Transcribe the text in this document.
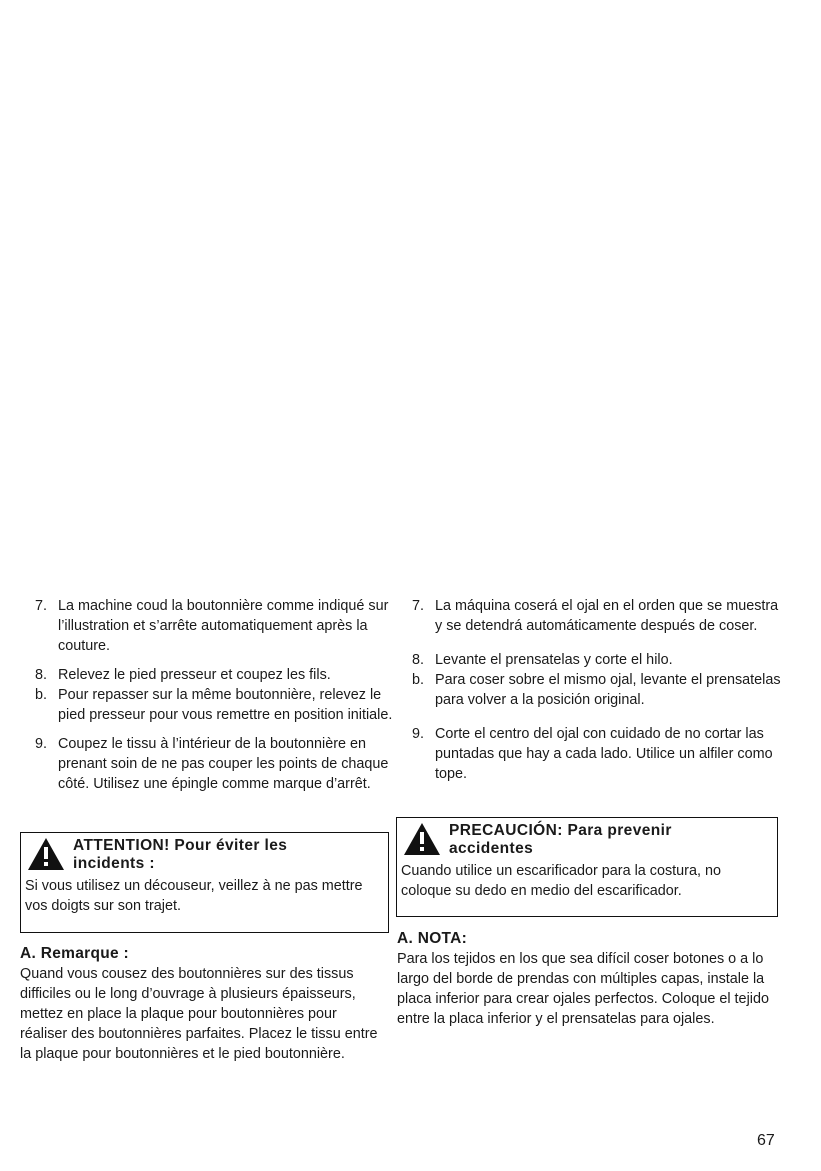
7. La machine coud la boutonnière comme indiqué sur l’illustration et s’arrête automatiquement après la couture.
8. Relevez le pied presseur et coupez les fils.
b. Pour repasser sur la même boutonnière, relevez le pied presseur pour vous remettre en position initiale.
9. Coupez le tissu à l’intérieur de la boutonnière en prenant soin de ne pas couper les points de chaque côté. Utilisez une épingle comme marque d’arrêt.
ATTENTION! Pour éviter les
incidents :
Si vous utilisez un découseur, veillez à ne pas mettre vos doigts sur son trajet.
A. Remarque :
Quand vous cousez des boutonnières sur des tissus difficiles ou le long d’ouvrage à plusieurs épaisseurs, mettez en place la plaque pour boutonnières pour réaliser des boutonnières parfaites. Placez le tissu entre la plaque pour boutonnières et le pied boutonnière.
7. La máquina coserá el ojal en el orden que se muestra y se detendrá automáticamente después de coser.
8. Levante el prensatelas y corte el hilo.
b. Para coser sobre el mismo ojal, levante el prensatelas para volver a la posición original.
9. Corte el centro del ojal con cuidado de no cortar las puntadas que hay a cada lado. Utilice un alfiler como tope.
PRECAUCIÓN: Para prevenir
accidentes
Cuando utilice un escarificador para la costura, no coloque su dedo en medio del escarificador.
A. NOTA:
Para los tejidos en los que sea difícil coser botones o a lo largo del borde de prendas con múltiples capas, instale la placa inferior para crear ojales perfectos. Coloque el tejido entre la placa inferior y el prensatelas para ojales.
67
